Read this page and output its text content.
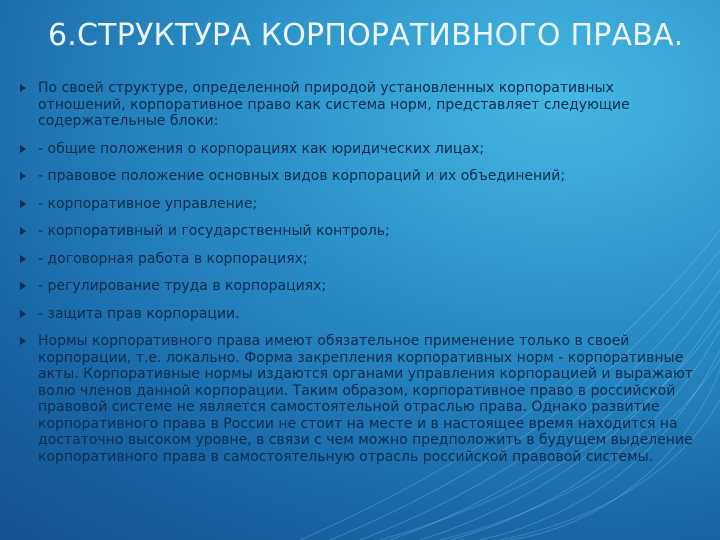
6.СТРУКТУРА КОРПОРАТИВНОГО ПРАВА.
По своей структуре, определенной природой установленных корпоративных отношений, корпоративное право как система норм, представляет следующие содержательные блоки:
- общие положения о корпорациях как юридических лицах;
- правовое положение основных видов корпораций и их объединений;
- корпоративное управление;
- корпоративный и государственный контроль;
- договорная работа в корпорациях;
- регулирование труда в корпорациях;
- защита прав корпорации.
Нормы корпоративного права имеют обязательное применение только в своей корпорации, т.е. локально. Форма закрепления корпоративных норм - корпоративные акты. Корпоративные нормы издаются органами управления корпорацией и выражают волю членов данной корпорации. Таким образом, корпоративное право в российской правовой системе не является самостоятельной отраслью права. Однако развитие корпоративного права в России не стоит на месте и в настоящее время находится на достаточно высоком уровне, в связи с чем можно предположить в будущем выделение корпоративного права в самостоятельную отрасль российской правовой системы.
